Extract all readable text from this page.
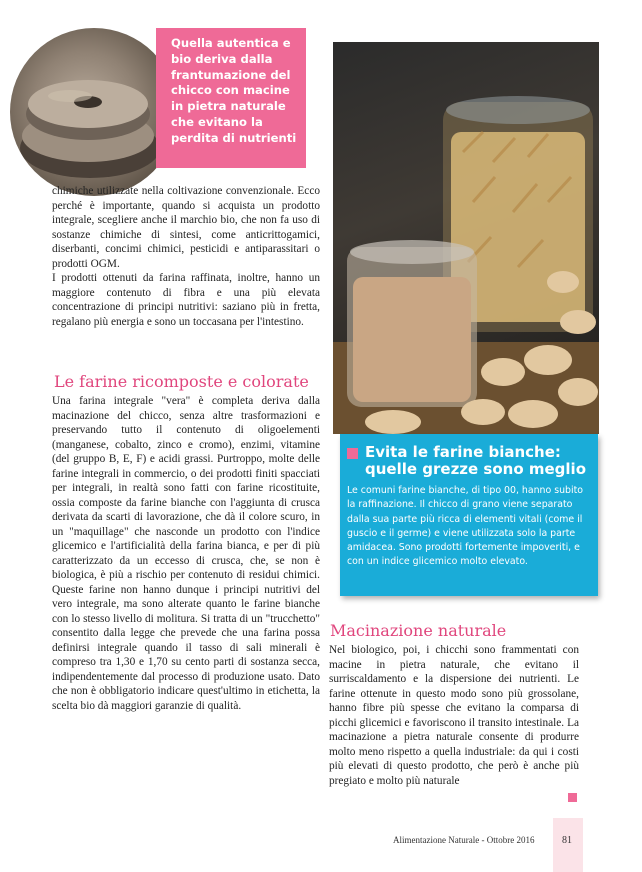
Quella autentica e bio deriva dalla frantumazione del chicco con macine in pietra naturale che evitano la perdita di nutrienti

chimiche utilizzate nella coltivazione convenzionale. Ecco perché è importante, quando si acquista un prodotto integrale, scegliere anche il marchio bio, che non fa uso di sostanze chimiche di sintesi, come anticrittogamici, diserbanti, concimi chimici, pesticidi e antiparassitari o prodotti OGM.

I prodotti ottenuti da farina raffinata, inoltre, hanno un maggiore contenuto di fibra e una più elevata concentrazione di principi nutritivi: saziano più in fretta, regalano più energia e sono un toccasana per l'intestino.

Le farine ricomposte e colorate

Una farina integrale "vera" è completa deriva dalla macinazione del chicco, senza altre trasformazioni e preservando tutto il contenuto di oligoelementi (manganese, cobalto, zinco e cromo), enzimi, vitamine (del gruppo B, E, F) e acidi grassi. Purtroppo, molte delle farine integrali in commercio, o dei prodotti finiti spacciati per integrali, in realtà sono fatti con farine ricostituite, ossia composte da farine bianche con l'aggiunta di crusca derivata da scarti di lavorazione, che dà il colore scuro, in un "maquillage" che nasconde un prodotto con l'indice glicemico e l'artificialità della farina bianca, e per di più caratterizzato da un eccesso di crusca, che, se non è biologica, è più a rischio per contenuto di residui chimici. Queste farine non hanno dunque i principi nutritivi del vero integrale, ma sono alterate quanto le farine bianche con lo stesso livello di molitura. Si tratta di un "trucchetto" consentito dalla legge che prevede che una farina possa definirsi integrale quando il tasso di sali minerali è compreso tra 1,30 e 1,70 su cento parti di sostanza secca, indipendentemente dal processo di produzione usato. Dato che non è obbligatorio indicare quest'ultimo in etichetta, la scelta bio dà maggiori garanzie di qualità.

Evita le farine bianche: quelle grezze sono meglio

Le comuni farine bianche, di tipo 00, hanno subito la raffinazione. Il chicco di grano viene separato dalla sua parte più ricca di elementi vitali (come il guscio e il germe) e viene utilizzata solo la parte amidacea. Sono prodotti fortemente impoveriti, e con un indice glicemico molto elevato.

Macinazione naturale

Nel biologico, poi, i chicchi sono frammentati con macine in pietra naturale, che evitano il surriscaldamento e la dispersione dei nutrienti. Le farine ottenute in questo modo sono più grossolane, hanno fibre più spesse che evitano la comparsa di picchi glicemici e favoriscono il transito intestinale. La macinazione a pietra naturale consente di produrre molto meno rispetto a quella industriale: da qui i costi più elevati di questo prodotto, che però è anche più pregiato e molto più naturale

Alimentazione Naturale - Ottobre 2016	81
